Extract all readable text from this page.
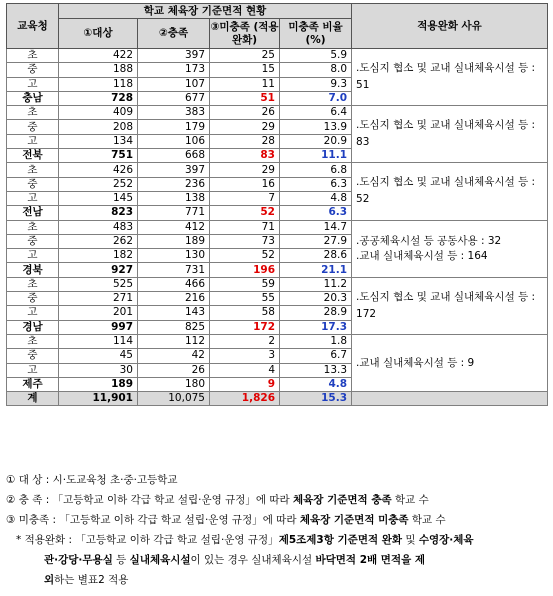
교육청	학교 체육장 기준면적 현황				적용완화 사유
	①대상	②충족	③미충족 (적용완화)	미충족 비율(%)	
초	422	397	25	5.9	.도심지 협소 및 교내 실내체육시설 등 : 51

중	188	173	15	8.0	
고	118	107	11	9.3	
충남	728	677	51	7.0	
초	409	383	26	6.4	.도심지 협소 및 교내 실내체육시설 등 : 83

중	208	179	29	13.9	
고	134	106	28	20.9	
전북	751	668	83	11.1	
초	426	397	29	6.8	.도심지 협소 및 교내 실내체육시설 등 : 52

중	252	236	16	6.3	
고	145	138	7	4.8	
전남	823	771	52	6.3	
초	483	412	71	14.7	.공공체육시설 등 공동사용 : 32
.교내 실내체육시설 등 : 164

중	262	189	73	27.9	
고	182	130	52	28.6	
경북	927	731	196	21.1	
초	525	466	59	11.2	.도심지 협소 및 교내 실내체육시설 등 : 172

중	271	216	55	20.3	
고	201	143	58	28.9	
경남	997	825	172	17.3	
초	114	112	2	1.8	.교내 실내체육시설 등 : 9

중	45	42	3	6.7	
고	30	26	4	13.3	
제주	189	180	9	4.8	
계	11,901	10,075	1,826	15.3	
① 대 상 : 시·도교육청 초·중·고등학교
② 충 족 : 「고등학교 이하 각급 학교 설립·운영 규정」에 따라 체육장 기준면적 충족 학교 수
③ 미충족 : 「고등학교 이하 각급 학교 설립·운영 규정」에 따라 체육장 기준면적 미충족 학교 수
* 적용완화 : 「고등학교 이하 각급 학교 설립·운영 규정」제5조제3항 기준면적 완화 및 수영장·체육
관·강당·무용실 등 실내체육시설이 있는 경우 실내체육시설 바닥면적 2배 면적을 제
외하는 별표2 적용
